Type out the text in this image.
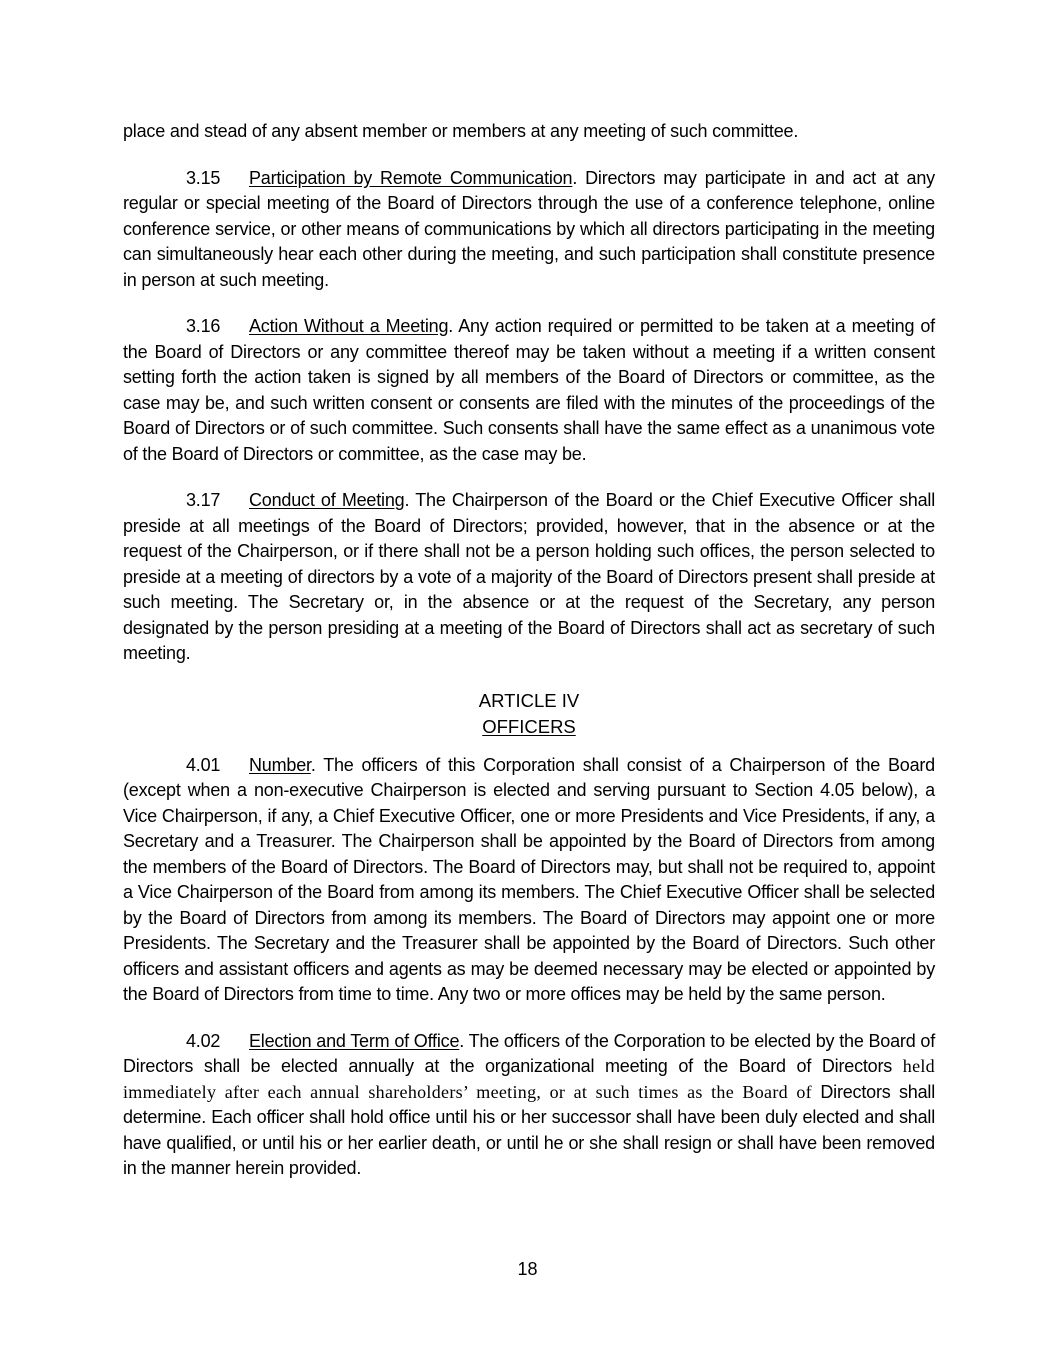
place and stead of any absent member or members at any meeting of such committee.

3.15 Participation by Remote Communication. Directors may participate in and act at any regular or special meeting of the Board of Directors through the use of a conference telephone, online conference service, or other means of communications by which all directors participating in the meeting can simultaneously hear each other during the meeting, and such participation shall constitute presence in person at such meeting.

3.16 Action Without a Meeting. Any action required or permitted to be taken at a meeting of the Board of Directors or any committee thereof may be taken without a meeting if a written consent setting forth the action taken is signed by all members of the Board of Directors or committee, as the case may be, and such written consent or consents are filed with the minutes of the proceedings of the Board of Directors or of such committee. Such consents shall have the same effect as a unanimous vote of the Board of Directors or committee, as the case may be.

3.17 Conduct of Meeting. The Chairperson of the Board or the Chief Executive Officer shall preside at all meetings of the Board of Directors; provided, however, that in the absence or at the request of the Chairperson, or if there shall not be a person holding such offices, the person selected to preside at a meeting of directors by a vote of a majority of the Board of Directors present shall preside at such meeting. The Secretary or, in the absence or at the request of the Secretary, any person designated by the person presiding at a meeting of the Board of Directors shall act as secretary of such meeting.

ARTICLE IV
OFFICERS

4.01 Number. The officers of this Corporation shall consist of a Chairperson of the Board (except when a non-executive Chairperson is elected and serving pursuant to Section 4.05 below), a Vice Chairperson, if any, a Chief Executive Officer, one or more Presidents and Vice Presidents, if any, a Secretary and a Treasurer. The Chairperson shall be appointed by the Board of Directors from among the members of the Board of Directors. The Board of Directors may, but shall not be required to, appoint a Vice Chairperson of the Board from among its members. The Chief Executive Officer shall be selected by the Board of Directors from among its members. The Board of Directors may appoint one or more Presidents. The Secretary and the Treasurer shall be appointed by the Board of Directors. Such other officers and assistant officers and agents as may be deemed necessary may be elected or appointed by the Board of Directors from time to time. Any two or more offices may be held by the same person.

4.02 Election and Term of Office. The officers of the Corporation to be elected by the Board of Directors shall be elected annually at the organizational meeting of the Board of Directors held immediately after each annual shareholders’ meeting, or at such times as the Board of Directors shall determine. Each officer shall hold office until his or her successor shall have been duly elected and shall have qualified, or until his or her earlier death, or until he or she shall resign or shall have been removed in the manner herein provided.

18
